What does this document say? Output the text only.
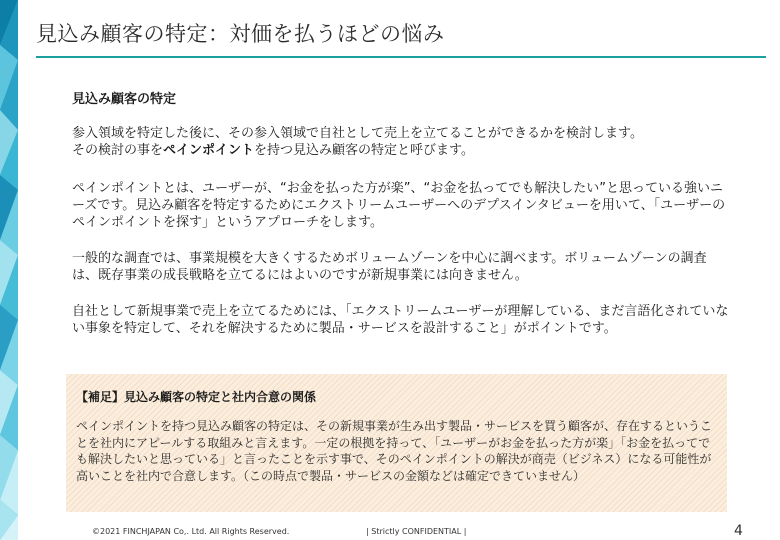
見込み顧客の特定：対価を払うほどの悩み
見込み顧客の特定

参入領域を特定した後に、その参入領域で自社として売上を立てることができるかを検討します。
その検討の事をペインポイントを持つ見込み顧客の特定と呼びます。

ペインポイントとは、ユーザーが、“お金を払った方が楽”、“お金を払ってでも解決したい”と思っている強いニーズです。見込み顧客を特定するためにエクストリームユーザーへのデプスインタビューを用いて、「ユーザーのペインポイントを探す」というアプローチをします。

一般的な調査では、事業規模を大きくするためボリュームゾーンを中心に調べます。ボリュームゾーンの調査は、既存事業の成長戦略を立てるにはよいのですが新規事業には向きません。

自社として新規事業で売上を立てるためには、「エクストリームユーザーが理解している、まだ言語化されていない事象を特定して、それを解決するために製品・サービスを設計すること」がポイントです。

【補足】見込み顧客の特定と社内合意の関係

ペインポイントを持つ見込み顧客の特定は、その新規事業が生み出す製品・サービスを買う顧客が、存在するということを社内にアピールする取組みと言えます。一定の根拠を持って、「ユーザーがお金を払った方が楽」「お金を払ってでも解決したいと思っている」と言ったことを示す事で、そのペインポイントの解決が商売（ビジネス）になる可能性が高いことを社内で合意します。（この時点で製品・サービスの金額などは確定できていません）

©2021 FINCHJAPAN Co,. Ltd. All Rights Reserved.	| Strictly CONFIDENTIAL |	4
